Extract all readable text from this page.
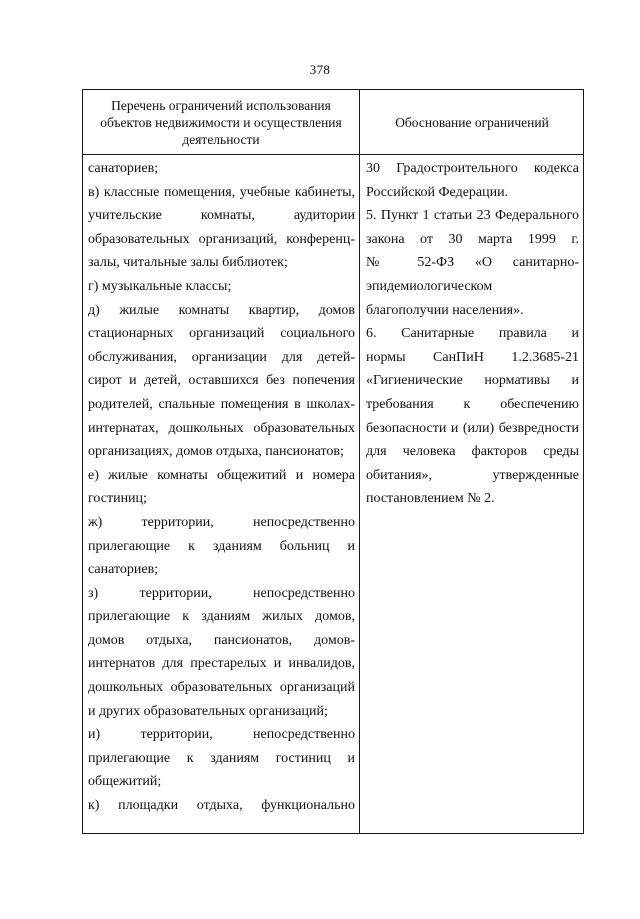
378
Перечень ограничений использования объектов недвижимости и осуществления деятельности
Обоснование ограничений
санаториев;
в) классные помещения, учебные кабинеты,
учительские комнаты, аудитории
образовательных организаций, конференц-
залы, читальные залы библиотек;
г) музыкальные классы;
д) жилые комнаты квартир, домов
стационарных организаций социального
обслуживания, организации для детей-
сирот и детей, оставшихся без попечения
родителей, спальные помещения в школах-
интернатах, дошкольных образовательных
организациях, домов отдыха, пансионатов;
е) жилые комнаты общежитий и номера
гостиниц;
ж) территории, непосредственно
прилегающие к зданиям больниц и
санаториев;
з) территории, непосредственно
прилегающие к зданиям жилых домов,
домов отдыха, пансионатов, домов-
интернатов для престарелых и инвалидов,
дошкольных образовательных организаций
и других образовательных организаций;
и) территории, непосредственно
прилегающие к зданиям гостиниц и
общежитий;
к) площадки отдыха, функционально
30 Градостроительного кодекса
Российской Федерации.
5. Пункт 1 статьи 23 Федерального
закона от 30 марта 1999 г.
№ 52-ФЗ «О санитарно-
эпидемиологическом
благополучии населения».
6. Санитарные правила и
нормы СанПиН 1.2.3685-21
«Гигиенические нормативы и
требования к обеспечению
безопасности и (или) безвредности
для человека факторов среды
обитания», утвержденные
постановлением № 2.
